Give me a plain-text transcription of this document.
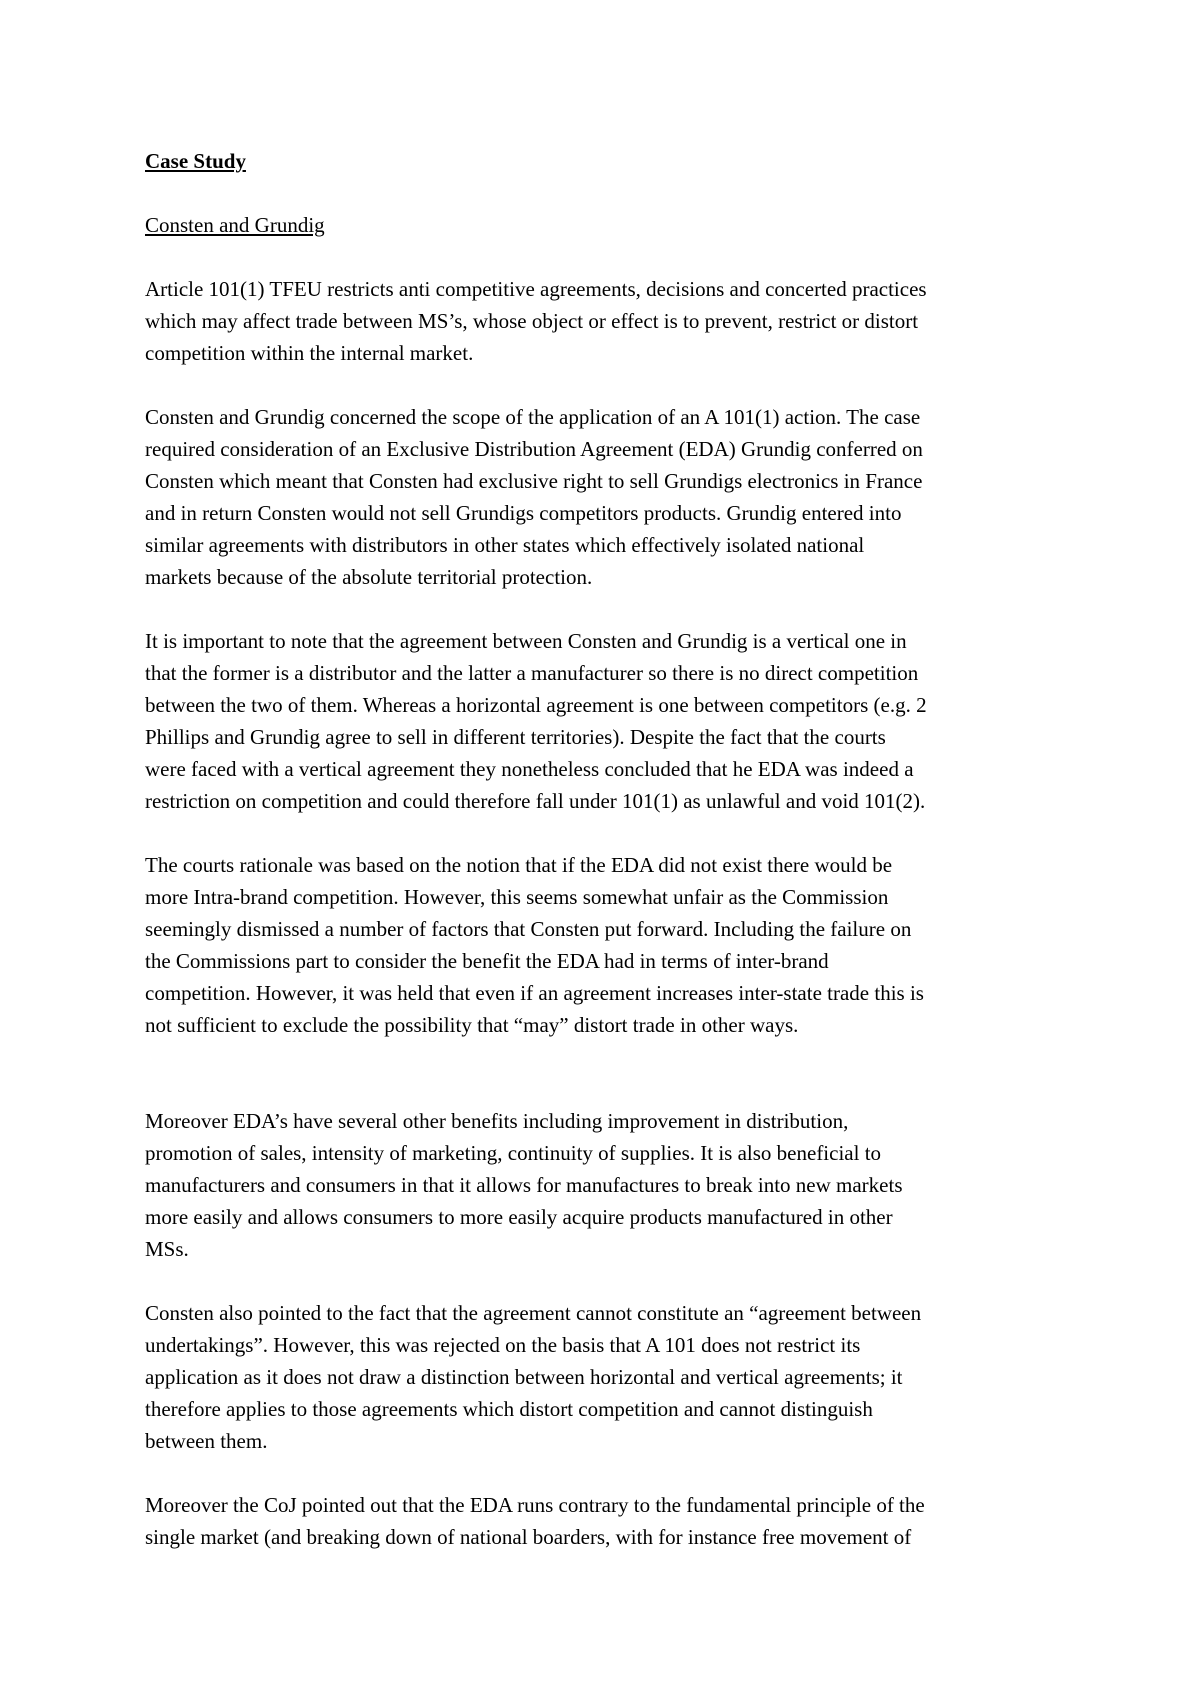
Case Study
Consten and Grundig

Article 101(1) TFEU restricts anti competitive agreements, decisions and concerted practices
which may affect trade between MS’s, whose object or effect is to prevent, restrict or distort
competition within the internal market.

Consten and Grundig concerned the scope of the application of an A 101(1) action. The case
required consideration of an Exclusive Distribution Agreement (EDA) Grundig conferred on
Consten which meant that Consten had exclusive right to sell Grundigs electronics in France
and in return Consten would not sell Grundigs competitors products. Grundig entered into
similar agreements with distributors in other states which effectively isolated national
markets because of the absolute territorial protection.

It is important to note that the agreement between Consten and Grundig is a vertical one in
that the former is a distributor and the latter a manufacturer so there is no direct competition
between the two of them. Whereas a horizontal agreement is one between competitors (e.g. 2
Phillips and Grundig agree to sell in different territories). Despite the fact that the courts
were faced with a vertical agreement they nonetheless concluded that he EDA was indeed a
restriction on competition and could therefore fall under 101(1) as unlawful and void 101(2).

The courts rationale was based on the notion that if the EDA did not exist there would be
more Intra-brand competition. However, this seems somewhat unfair as the Commission
seemingly dismissed a number of factors that Consten put forward. Including the failure on
the Commissions part to consider the benefit the EDA had in terms of inter-brand
competition. However, it was held that even if an agreement increases inter-state trade this is
not sufficient to exclude the possibility that “may” distort trade in other ways.

Moreover EDA’s have several other benefits including improvement in distribution,
promotion of sales, intensity of marketing, continuity of supplies. It is also beneficial to
manufacturers and consumers in that it allows for manufactures to break into new markets
more easily and allows consumers to more easily acquire products manufactured in other
MSs.

Consten also pointed to the fact that the agreement cannot constitute an “agreement between
undertakings”. However, this was rejected on the basis that A 101 does not restrict its
application as it does not draw a distinction between horizontal and vertical agreements; it
therefore applies to those agreements which distort competition and cannot distinguish
between them.

Moreover the CoJ pointed out that the EDA runs contrary to the fundamental principle of the
single market (and breaking down of national boarders, with for instance free movement of
